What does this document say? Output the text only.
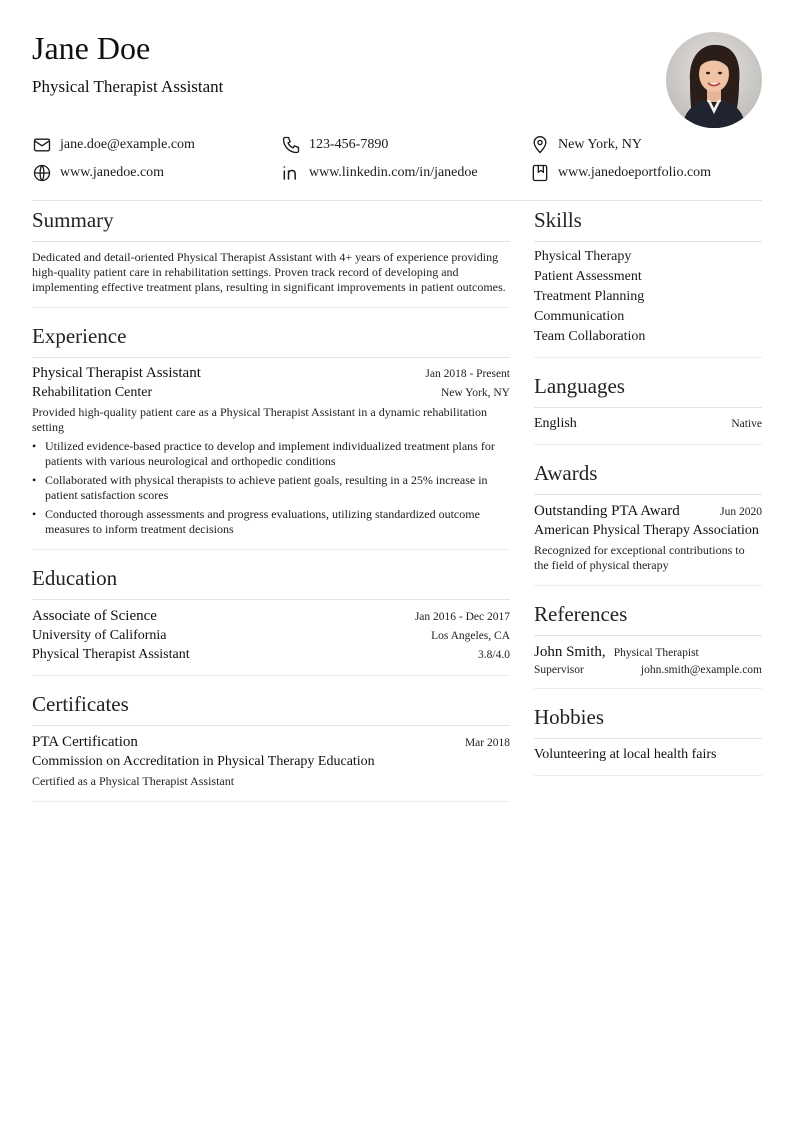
Jane Doe
Physical Therapist Assistant
jane.doe@example.com	123-456-7890	New York, NY
www.janedoe.com	www.linkedin.com/in/janedoe	www.janedoeportfolio.com
Summary
Dedicated and detail-oriented Physical Therapist Assistant with 4+ years of experience providing high-quality patient care in rehabilitation settings. Proven track record of developing and implementing effective treatment plans, resulting in significant improvements in patient outcomes.
Experience
Physical Therapist Assistant	Jan 2018 - Present
Rehabilitation Center	New York, NY
Provided high-quality patient care as a Physical Therapist Assistant in a dynamic rehabilitation setting
• Utilized evidence-based practice to develop and implement individualized treatment plans for patients with various neurological and orthopedic conditions
• Collaborated with physical therapists to achieve patient goals, resulting in a 25% increase in patient satisfaction scores
• Conducted thorough assessments and progress evaluations, utilizing standardized outcome measures to inform treatment decisions
Education
Associate of Science	Jan 2016 - Dec 2017
University of California	Los Angeles, CA
Physical Therapist Assistant	3.8/4.0
Certificates
PTA Certification	Mar 2018
Commission on Accreditation in Physical Therapy Education
Certified as a Physical Therapist Assistant
Skills
Physical Therapy
Patient Assessment
Treatment Planning
Communication
Team Collaboration
Languages
English	Native
Awards
Outstanding PTA Award	Jun 2020
American Physical Therapy Association
Recognized for exceptional contributions to the field of physical therapy
References
John Smith, Physical Therapist
Supervisor	john.smith@example.com
Hobbies
Volunteering at local health fairs
